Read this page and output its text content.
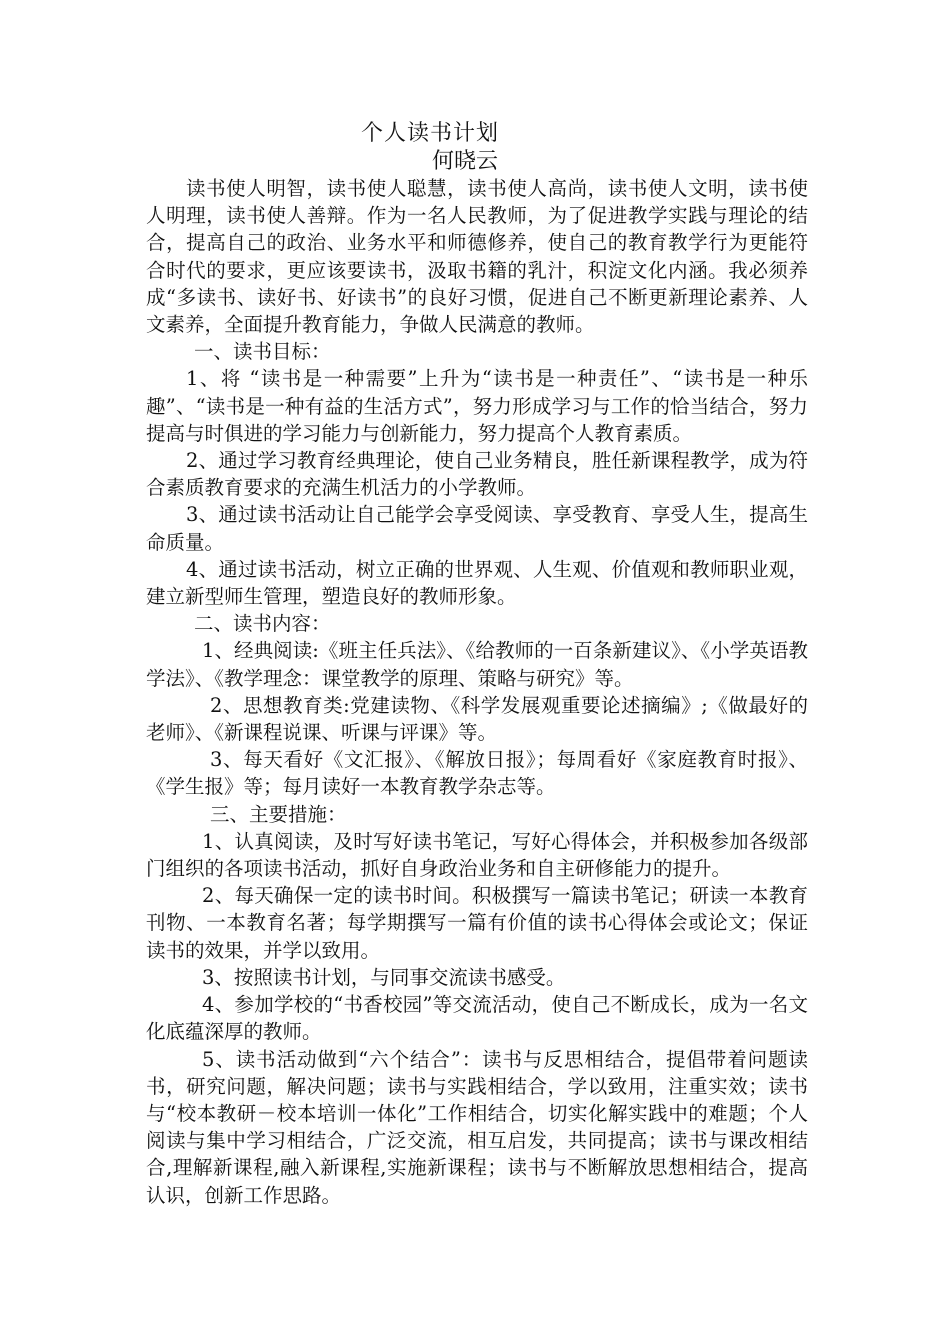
个人读书计划
何晓云

读书使人明智，读书使人聪慧，读书使人高尚，读书使人文明，读书使人明理，读书使人善辩。作为一名人民教师，为了促进教学实践与理论的结合，提高自己的政治、业务水平和师德修养，使自己的教育教学行为更能符合时代的要求，更应该要读书，汲取书籍的乳汁，积淀文化内涵。我必须养成“多读书、读好书、好读书”的良好习惯，促进自己不断更新理论素养、人文素养，全面提升教育能力，争做人民满意的教师。

一、读书目标：

1、将 “读书是一种需要”上升为“读书是一种责任”、“读书是一种乐趣”、“读书是一种有益的生活方式”，努力形成学习与工作的恰当结合，努力提高与时俱进的学习能力与创新能力，努力提高个人教育素质。

2、通过学习教育经典理论，使自己业务精良，胜任新课程教学，成为符合素质教育要求的充满生机活力的小学教师。

3、通过读书活动让自己能学会享受阅读、享受教育、享受人生，提高生命质量。

4、通过读书活动，树立正确的世界观、人生观、价值观和教师职业观，建立新型师生管理，塑造良好的教师形象。

二、读书内容：

1、经典阅读:《班主任兵法》、《给教师的一百条新建议》、《小学英语教学法》、《教学理念：课堂教学的原理、策略与研究》等。

2、思想教育类:党建读物、《科学发展观重要论述摘编》;《做最好的老师》、《新课程说课、听课与评课》等。

3、每天看好《文汇报》、《解放日报》；每周看好《家庭教育时报》、《学生报》等；每月读好一本教育教学杂志等。

三、主要措施：

1、认真阅读，及时写好读书笔记，写好心得体会，并积极参加各级部门组织的各项读书活动，抓好自身政治业务和自主研修能力的提升。

2、每天确保一定的读书时间。积极撰写一篇读书笔记；研读一本教育刊物、一本教育名著；每学期撰写一篇有价值的读书心得体会或论文；保证读书的效果，并学以致用。

3、按照读书计划，与同事交流读书感受。

4、参加学校的“书香校园”等交流活动，使自己不断成长，成为一名文化底蕴深厚的教师。

5、读书活动做到“六个结合”：读书与反思相结合，提倡带着问题读书，研究问题，解决问题；读书与实践相结合，学以致用，注重实效；读书与“校本教研－校本培训一体化”工作相结合，切实化解实践中的难题；个人阅读与集中学习相结合，广泛交流，相互启发，共同提高；读书与课改相结合,理解新课程,融入新课程,实施新课程；读书与不断解放思想相结合，提高认识，创新工作思路。
